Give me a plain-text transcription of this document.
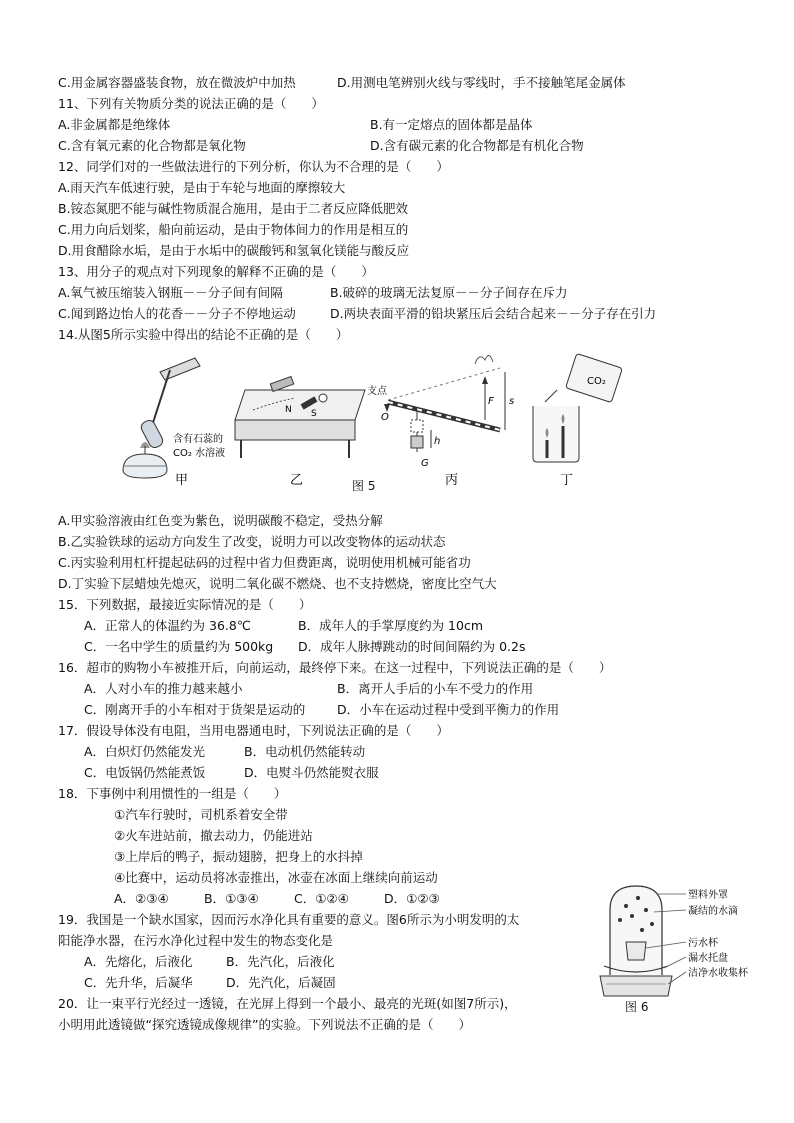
C.用金属容器盛装食物，放在微波炉中加热	D.用测电笔辨别火线与零线时，手不接触笔尾金属体
11、下列有关物质分类的说法正确的是（　　）
A.非金属都是绝缘体	B.有一定熔点的固体都是晶体
C.含有氧元素的化合物都是氧化物	D.含有碳元素的化合物都是有机化合物
12、同学们对的一些做法进行的下列分析，你认为不合理的是（　　）
A.雨天汽车低速行驶，是由于车轮与地面的摩擦较大
B.铵态氮肥不能与碱性物质混合施用，是由于二者反应降低肥效
C.用力向后划桨，船向前运动，是由于物体间力的作用是相互的
D.用食醋除水垢，是由于水垢中的碳酸钙和氢氧化镁能与酸反应
13、用分子的观点对下列现象的解释不正确的是（　　）
A.氧气被压缩装入钢瓶－－分子间有间隔	B.破碎的玻璃无法复原－－分子间存在斥力
C.闻到路边怡人的花香－－分子不停地运动	D.两块表面平滑的铅块紧压后会结合起来－－分子存在引力
14.从图5所示实验中得出的结论不正确的是（　　）
含有石蕊的
CO₂ 水溶液
甲
N S
乙
支点
O
F s
h
G
丙
CO₂
丁
图 5
A.甲实验溶液由红色变为紫色，说明碳酸不稳定，受热分解
B.乙实验铁球的运动方向发生了改变，说明力可以改变物体的运动状态
C.丙实验利用杠杆提起砝码的过程中省力但费距离，说明使用机械可能省功
D.丁实验下层蜡烛先熄灭，说明二氧化碳不燃烧、也不支持燃烧，密度比空气大
15．下列数据，最接近实际情况的是（　　）
A．正常人的体温约为 36.8℃	B．成年人的手掌厚度约为 10cm
C．一名中学生的质量约为 500kg D．成年人脉搏跳动的时间间隔约为 0.2s
16．超市的购物小车被推开后，向前运动，最终停下来。在这一过程中，下列说法正确的是（　　）
A．人对小车的推力越来越小	B．离开人手后的小车不受力的作用
C．刚离开手的小车相对于货架是运动的	D．小车在运动过程中受到平衡力的作用
17．假设导体没有电阻，当用电器通电时，下列说法正确的是（　　）
A．白炽灯仍然能发光	B．电动机仍然能转动
C．电饭锅仍然能煮饭	D．电熨斗仍然能熨衣服
18．下事例中利用惯性的一组是（　　）
①汽车行驶时，司机系着安全带
②火车进站前，撤去动力，仍能进站
③上岸后的鸭子，振动翅膀，把身上的水抖掉
④比赛中，运动员将冰壶推出，冰壶在冰面上继续向前运动
A．②③④	B．①③④	C．①②④	D．①②③
19．我国是一个缺水国家，因而污水净化具有重要的意义。图6所示为小明发明的太
阳能净水器，在污水净化过程中发生的物态变化是
A．先熔化，后液化	B．先汽化，后液化
C．先升华，后凝华	D．先汽化，后凝固
塑料外罩
凝结的水滴
污水杯
漏水托盘
洁净水收集杯
图 6
20．让一束平行光经过一透镜，在光屏上得到一个最小、最亮的光斑(如图7所示)，
小明用此透镜做“探究透镜成像规律”的实验。下列说法不正确的是（　　）
